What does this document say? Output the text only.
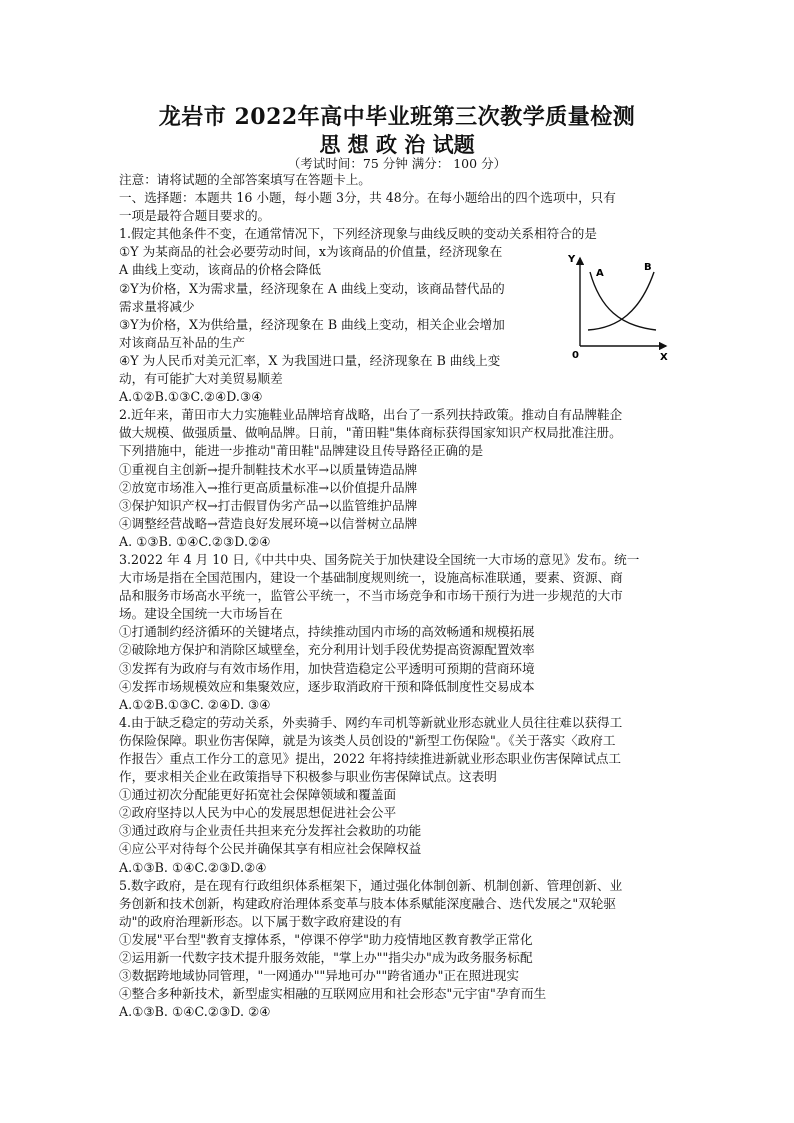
龙岩市 2022年高中毕业班第三次教学质量检测
思 想 政 治 试题
（考试时间：75 分钟 满分： 100 分）

注意：请将试题的全部答案填写在答题卡上。

一、选择题：本题共 16 小题，每小题 3分，共 48分。在每小题给出的四个选项中，只有

一项是最符合题目要求的。

1.假定其他条件不变，在通常情况下，下列经济现象与曲线反映的变动关系相符合的是

①Y 为某商品的社会必要劳动时间，x为该商品的价值量，经济现象在

A 曲线上变动，该商品的价格会降低

②Y为价格，X为需求量，经济现象在 A 曲线上变动，该商品替代品的

需求量将减少

③Y为价格，X为供给量，经济现象在 B 曲线上变动，相关企业会增加

对该商品互补品的生产

④Y 为人民币对美元汇率，X 为我国进口量，经济现象在 B 曲线上变

动，有可能扩大对美贸易顺差

A.①②B.①③C.②④D.③④

2.近年来，莆田市大力实施鞋业品牌培育战略，出台了一系列扶持政策。推动自有品牌鞋企

做大规模、做强质量、做响品牌。日前，"莆田鞋"集体商标获得国家知识产权局批准注册。

下列措施中，能进一步推动"莆田鞋"品牌建设且传导路径正确的是

①重视自主创新→提升制鞋技术水平→以质量铸造品牌

②放宽市场准入→推行更高质量标准→以价值提升品牌

③保护知识产权→打击假冒伪劣产品→以监管维护品牌

④调整经营战略→营造良好发展环境→以信誉树立品牌

A. ①③B. ①④C.②③D.②④

3.2022 年 4 月 10 日,《中共中央、国务院关于加快建设全国统一大市场的意见》发布。统一

大市场是指在全国范围内，建设一个基础制度规则统一，设施高标准联通，要素、资源、商

品和服务市场高水平统一，监管公平统一，不当市场竞争和市场干预行为进一步规范的大市

场。建设全国统一大市场旨在

①打通制约经济循环的关键堵点，持续推动国内市场的高效畅通和规模拓展

②破除地方保护和消除区域壁垒，充分利用计划手段优势提高资源配置效率

③发挥有为政府与有效市场作用，加快营造稳定公平透明可预期的营商环境

④发挥市场规模效应和集聚效应，逐步取消政府干预和降低制度性交易成本

A.①②B.①③C. ②④D. ③④

4.由于缺乏稳定的劳动关系，外卖骑手、网约车司机等新就业形态就业人员往往难以获得工

伤保险保障。职业伤害保障，就是为该类人员创设的"新型工伤保险"。《关于落实〈政府工

作报告〉重点工作分工的意见》提出，2022 年将持续推进新就业形态职业伤害保障试点工

作，要求相关企业在政策指导下积极参与职业伤害保障试点。这表明

①通过初次分配能更好拓宽社会保障领域和覆盖面

②政府坚持以人民为中心的发展思想促进社会公平

③通过政府与企业责任共担来充分发挥社会救助的功能

④应公平对待每个公民并确保其享有相应社会保障权益

A.①③B. ①④C.②③D.②④

5.数字政府，是在现有行政组织体系框架下，通过强化体制创新、机制创新、管理创新、业

务创新和技术创新，构建政府治理体系变革与肢本体系赋能深度融合、迭代发展之"双轮驱

动"的政府治理新形态。以下属于数字政府建设的有

①发展"平台型"教育支撑体系，"停课不停学"助力疫情地区教育教学正常化

②运用新一代数字技术提升服务效能，"掌上办""指尖办"成为政务服务标配

③数据跨地域协同管理，"一网通办""异地可办""跨省通办"正在照进现实

④整合多种新技术，新型虚实相融的互联网应用和社会形态"元宇宙"孕育而生

A.①③B. ①④C.②③D. ②④

Y
X
0
A
B
